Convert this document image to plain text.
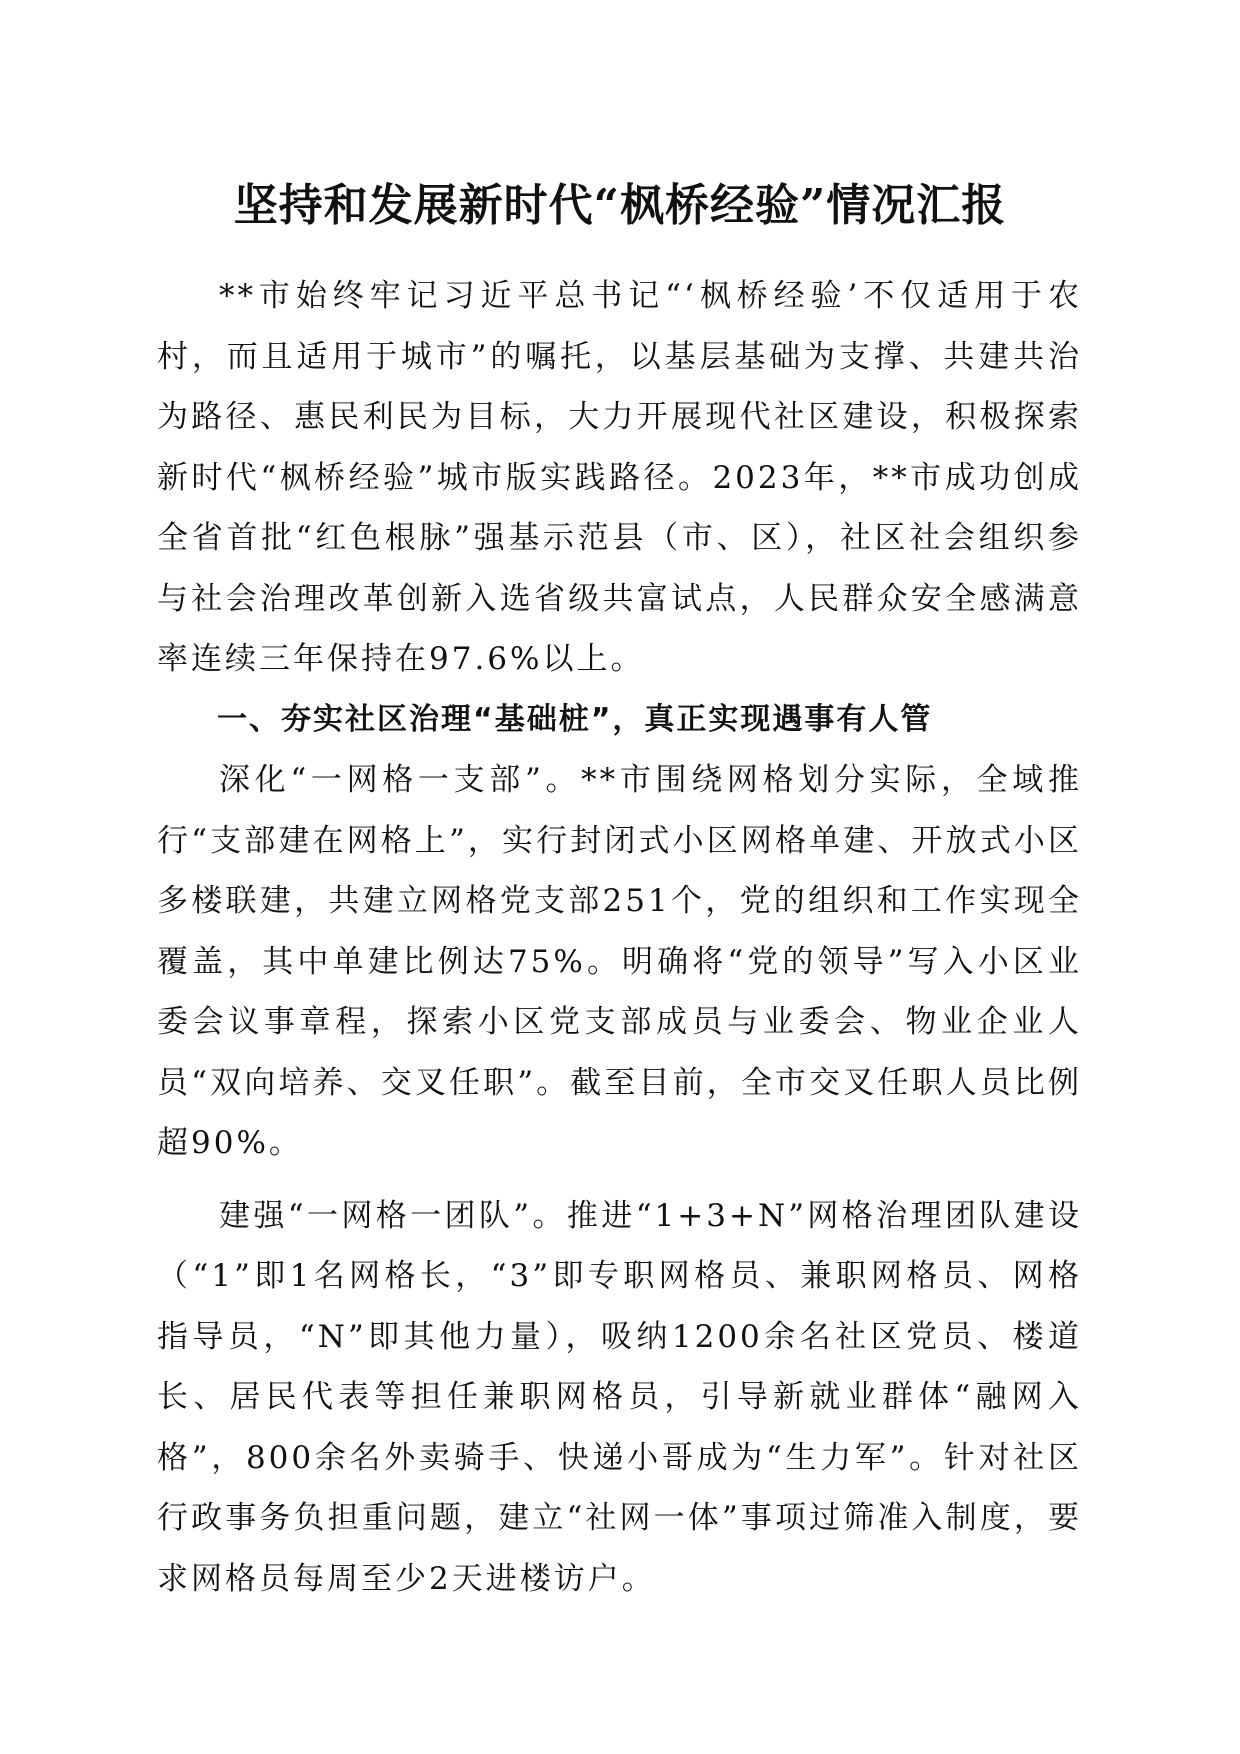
坚持和发展新时代“枫桥经验”情况汇报

**市始终牢记习近平总书记“‘枫桥经验’不仅适用于农村，而且适用于城市”的嘱托，以基层基础为支撑、共建共治为路径、惠民利民为目标，大力开展现代社区建设，积极探索新时代“枫桥经验”城市版实践路径。2023年，**市成功创成全省首批“红色根脉”强基示范县（市、区），社区社会组织参与社会治理改革创新入选省级共富试点，人民群众安全感满意率连续三年保持在97.6%以上。

一、夯实社区治理“基础桩”，真正实现遇事有人管

深化“一网格一支部”。**市围绕网格划分实际，全域推行“支部建在网格上”，实行封闭式小区网格单建、开放式小区多楼联建，共建立网格党支部251个，党的组织和工作实现全覆盖，其中单建比例达75%。明确将“党的领导”写入小区业委会议事章程，探索小区党支部成员与业委会、物业企业人员“双向培养、交叉任职”。截至目前，全市交叉任职人员比例超90%。

建强“一网格一团队”。推进“1+3+N”网格治理团队建设（“1”即1名网格长，“3”即专职网格员、兼职网格员、网格指导员，“N”即其他力量），吸纳1200余名社区党员、楼道长、居民代表等担任兼职网格员，引导新就业群体“融网入格”，800余名外卖骑手、快递小哥成为“生力军”。针对社区行政事务负担重问题，建立“社网一体”事项过筛准入制度，要求网格员每周至少2天进楼访户。
